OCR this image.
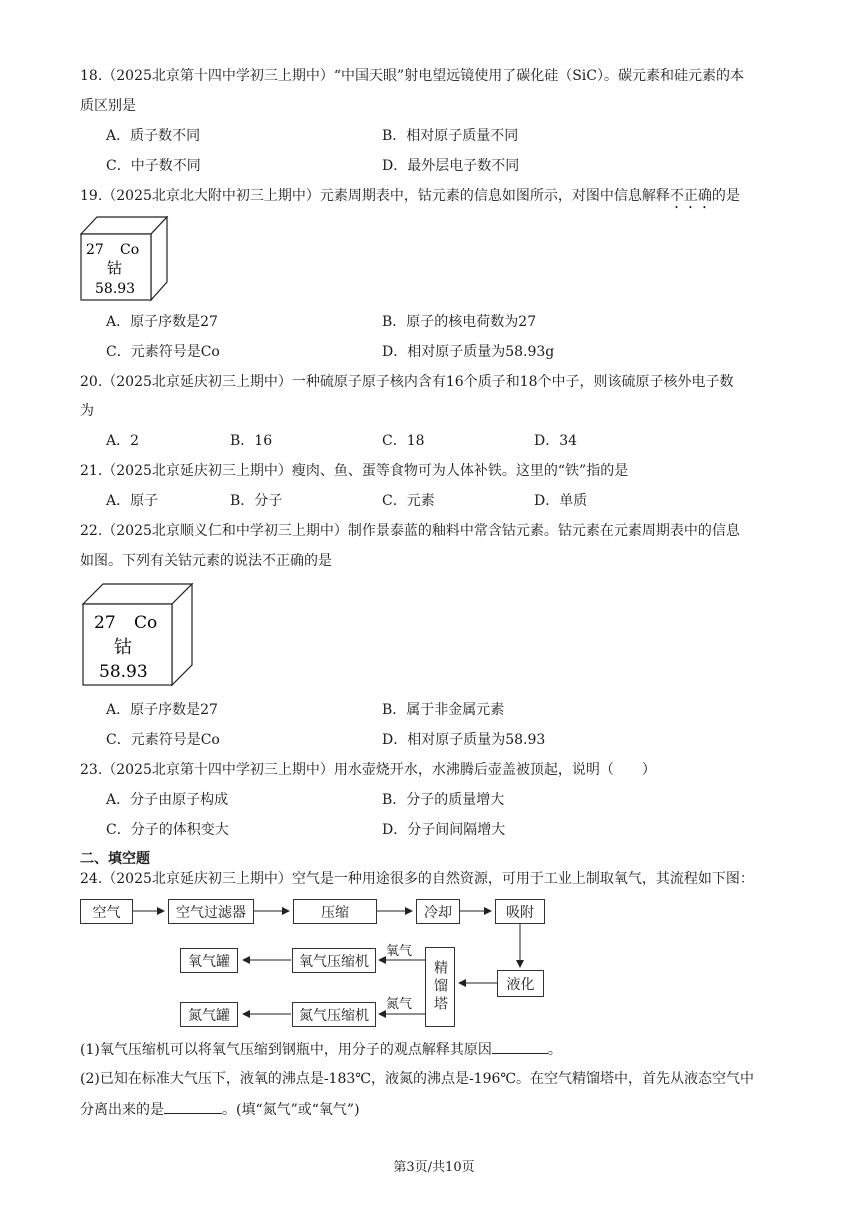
18.（2025北京第十四中学初三上期中）“中国天眼”射电望远镜使用了碳化硅（SiC）。碳元素和硅元素的本
质区别是
A．质子数不同	B．相对原子质量不同
C．中子数不同	D．最外层电子数不同
19.（2025北京北大附中初三上期中）元素周期表中，钴元素的信息如图所示，对图中信息解释不正确的是
27 Co
钴
58.93
A．原子序数是27	B．原子的核电荷数为27
C．元素符号是Co	D．相对原子质量为58.93g
20.（2025北京延庆初三上期中）一种硫原子原子核内含有16个质子和18个中子，则该硫原子核外电子数
为
A．2	B．16	C．18	D．34
21.（2025北京延庆初三上期中）瘦肉、鱼、蛋等食物可为人体补铁。这里的“铁”指的是
A．原子	B．分子	C．元素	D．单质
22.（2025北京顺义仁和中学初三上期中）制作景泰蓝的釉料中常含钴元素。钴元素在元素周期表中的信息
如图。下列有关钴元素的说法不正确的是
27 Co
钴
58.93
A．原子序数是27	B．属于非金属元素
C．元素符号是Co	D．相对原子质量为58.93
23.（2025北京第十四中学初三上期中）用水壶烧开水，水沸腾后壶盖被顶起，说明（　　）
A．分子由原子构成	B．分子的质量增大
C．分子的体积变大	D．分子间间隔增大
二、填空题
24.（2025北京延庆初三上期中）空气是一种用途很多的自然资源，可用于工业上制取氧气，其流程如下图：
空气	空气过滤器	压缩	冷却	吸附
液化
精馏塔
氧气
氮气
氧气压缩机
氮气压缩机
氧气罐
氮气罐
(1)氧气压缩机可以将氧气压缩到钢瓶中，用分子的观点解释其原因	。
(2)已知在标准大气压下，液氧的沸点是-183℃，液氮的沸点是-196℃。在空气精馏塔中，首先从液态空气中
分离出来的是	。(填“氮气”或“氧气”)
第3页/共10页
